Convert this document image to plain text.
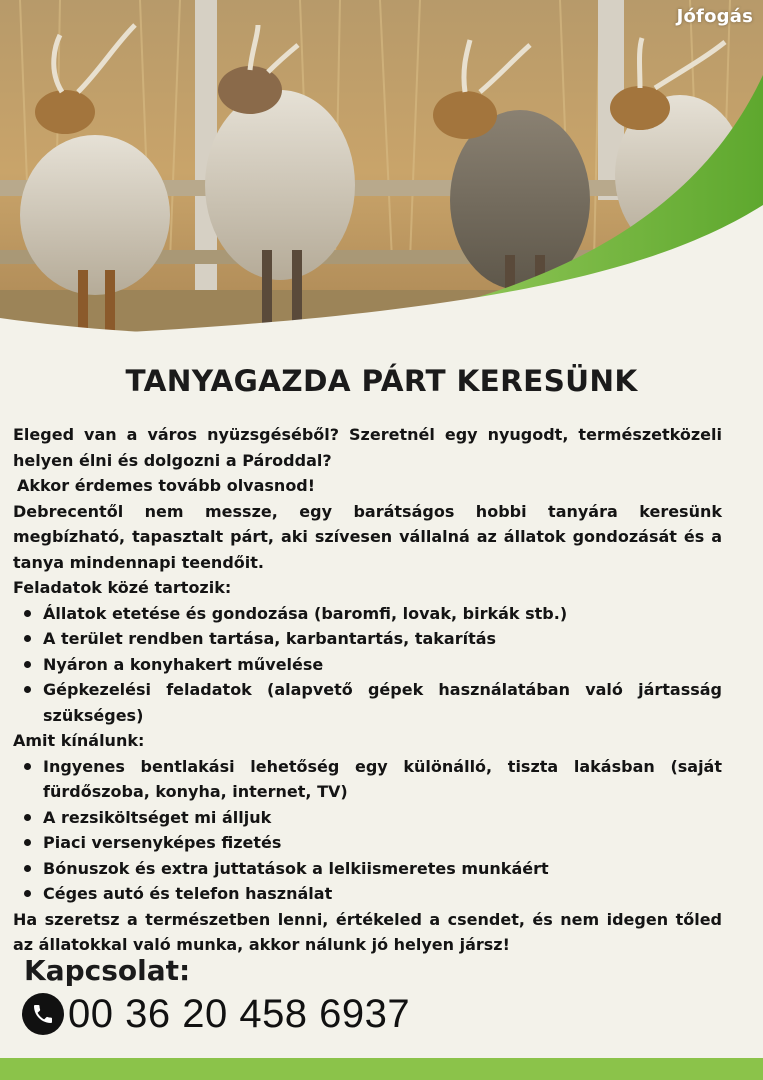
Jófogás
TANYAGAZDA PÁRT KERESÜNK

Eleged van a város nyüzsgéséből? Szeretnél egy nyugodt, természetközeli helyen élni és dolgozni a Pároddal?

Akkor érdemes tovább olvasnod!

Debrecentől nem messze, egy barátságos hobbi tanyára keresünk megbízható, tapasztalt párt, aki szívesen vállalná az állatok gondozását és a tanya mindennapi teendőit.

Feladatok közé tartozik:

Állatok etetése és gondozása (baromfi, lovak, birkák stb.)
A terület rendben tartása, karbantartás, takarítás
Nyáron a konyhakert művelése
Gépkezelési feladatok (alapvető gépek használatában való jártasság szükséges)

Amit kínálunk:

Ingyenes bentlakási lehetőség egy különálló, tiszta lakásban (saját fürdőszoba, konyha, internet, TV)
A rezsiköltséget mi álljuk
Piaci versenyképes fizetés
Bónuszok és extra juttatások a lelkiismeretes munkáért
Céges autó és telefon használat

Ha szeretsz a természetben lenni, értékeled a csendet, és nem idegen tőled az állatokkal való munka, akkor nálunk jó helyen jársz!

Kapcsolat:
00 36 20 458 6937
